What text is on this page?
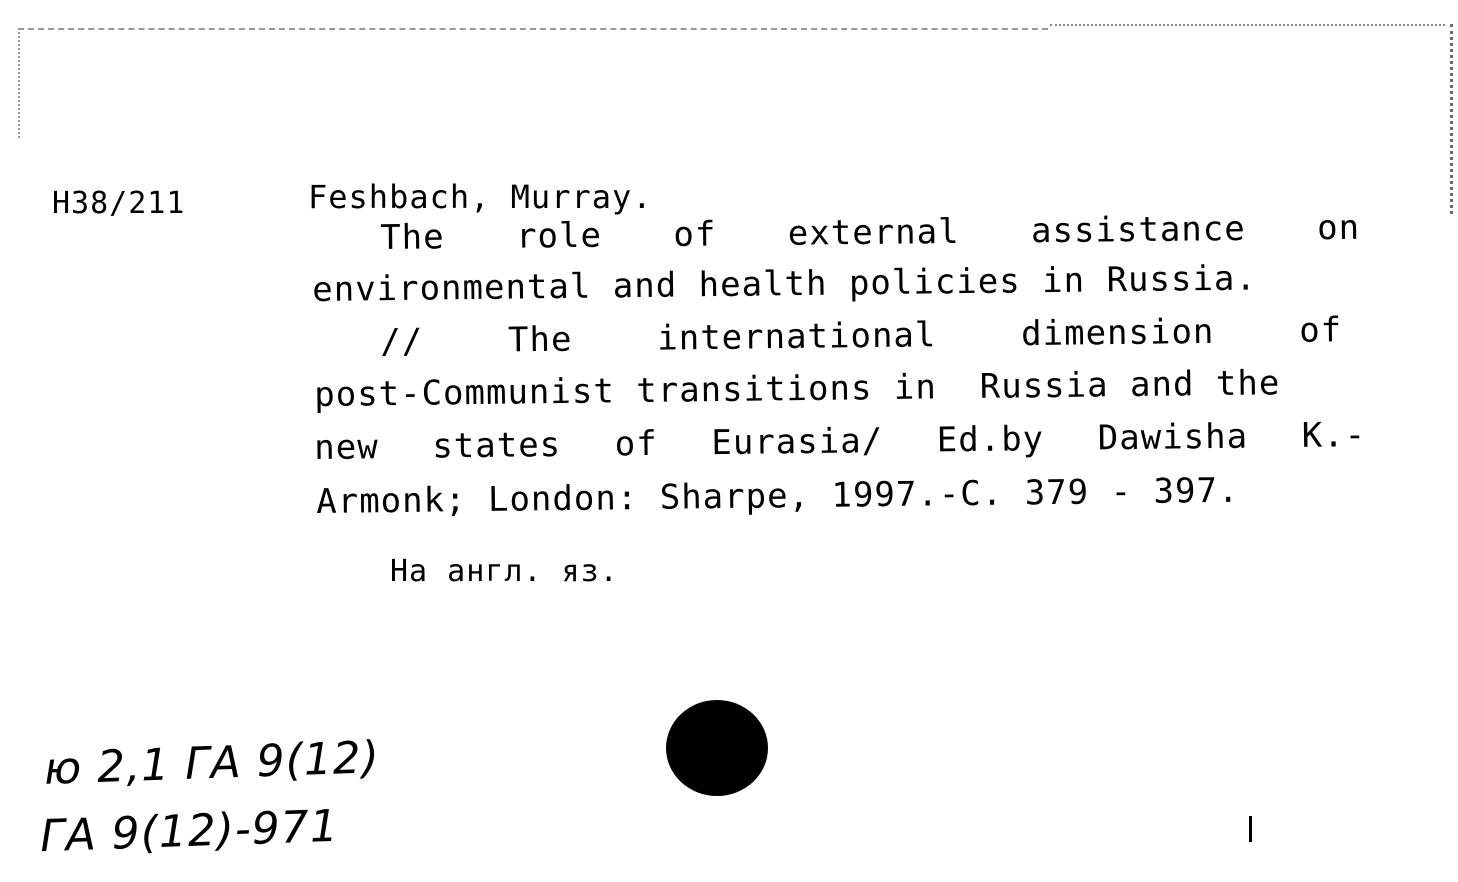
H38/211	Feshbach, Murray.
The role of external assistance on
environmental and health policies in Russia.
// The international dimension of
post-Communist transitions in  Russia and the
new states of Eurasia/ Ed.by Dawisha K.-
Armonk; London: Sharpe, 1997.-C. 379 - 397.
На англ. яз.
ю 2,1 ГА 9(12)
ГА 9(12)-971
